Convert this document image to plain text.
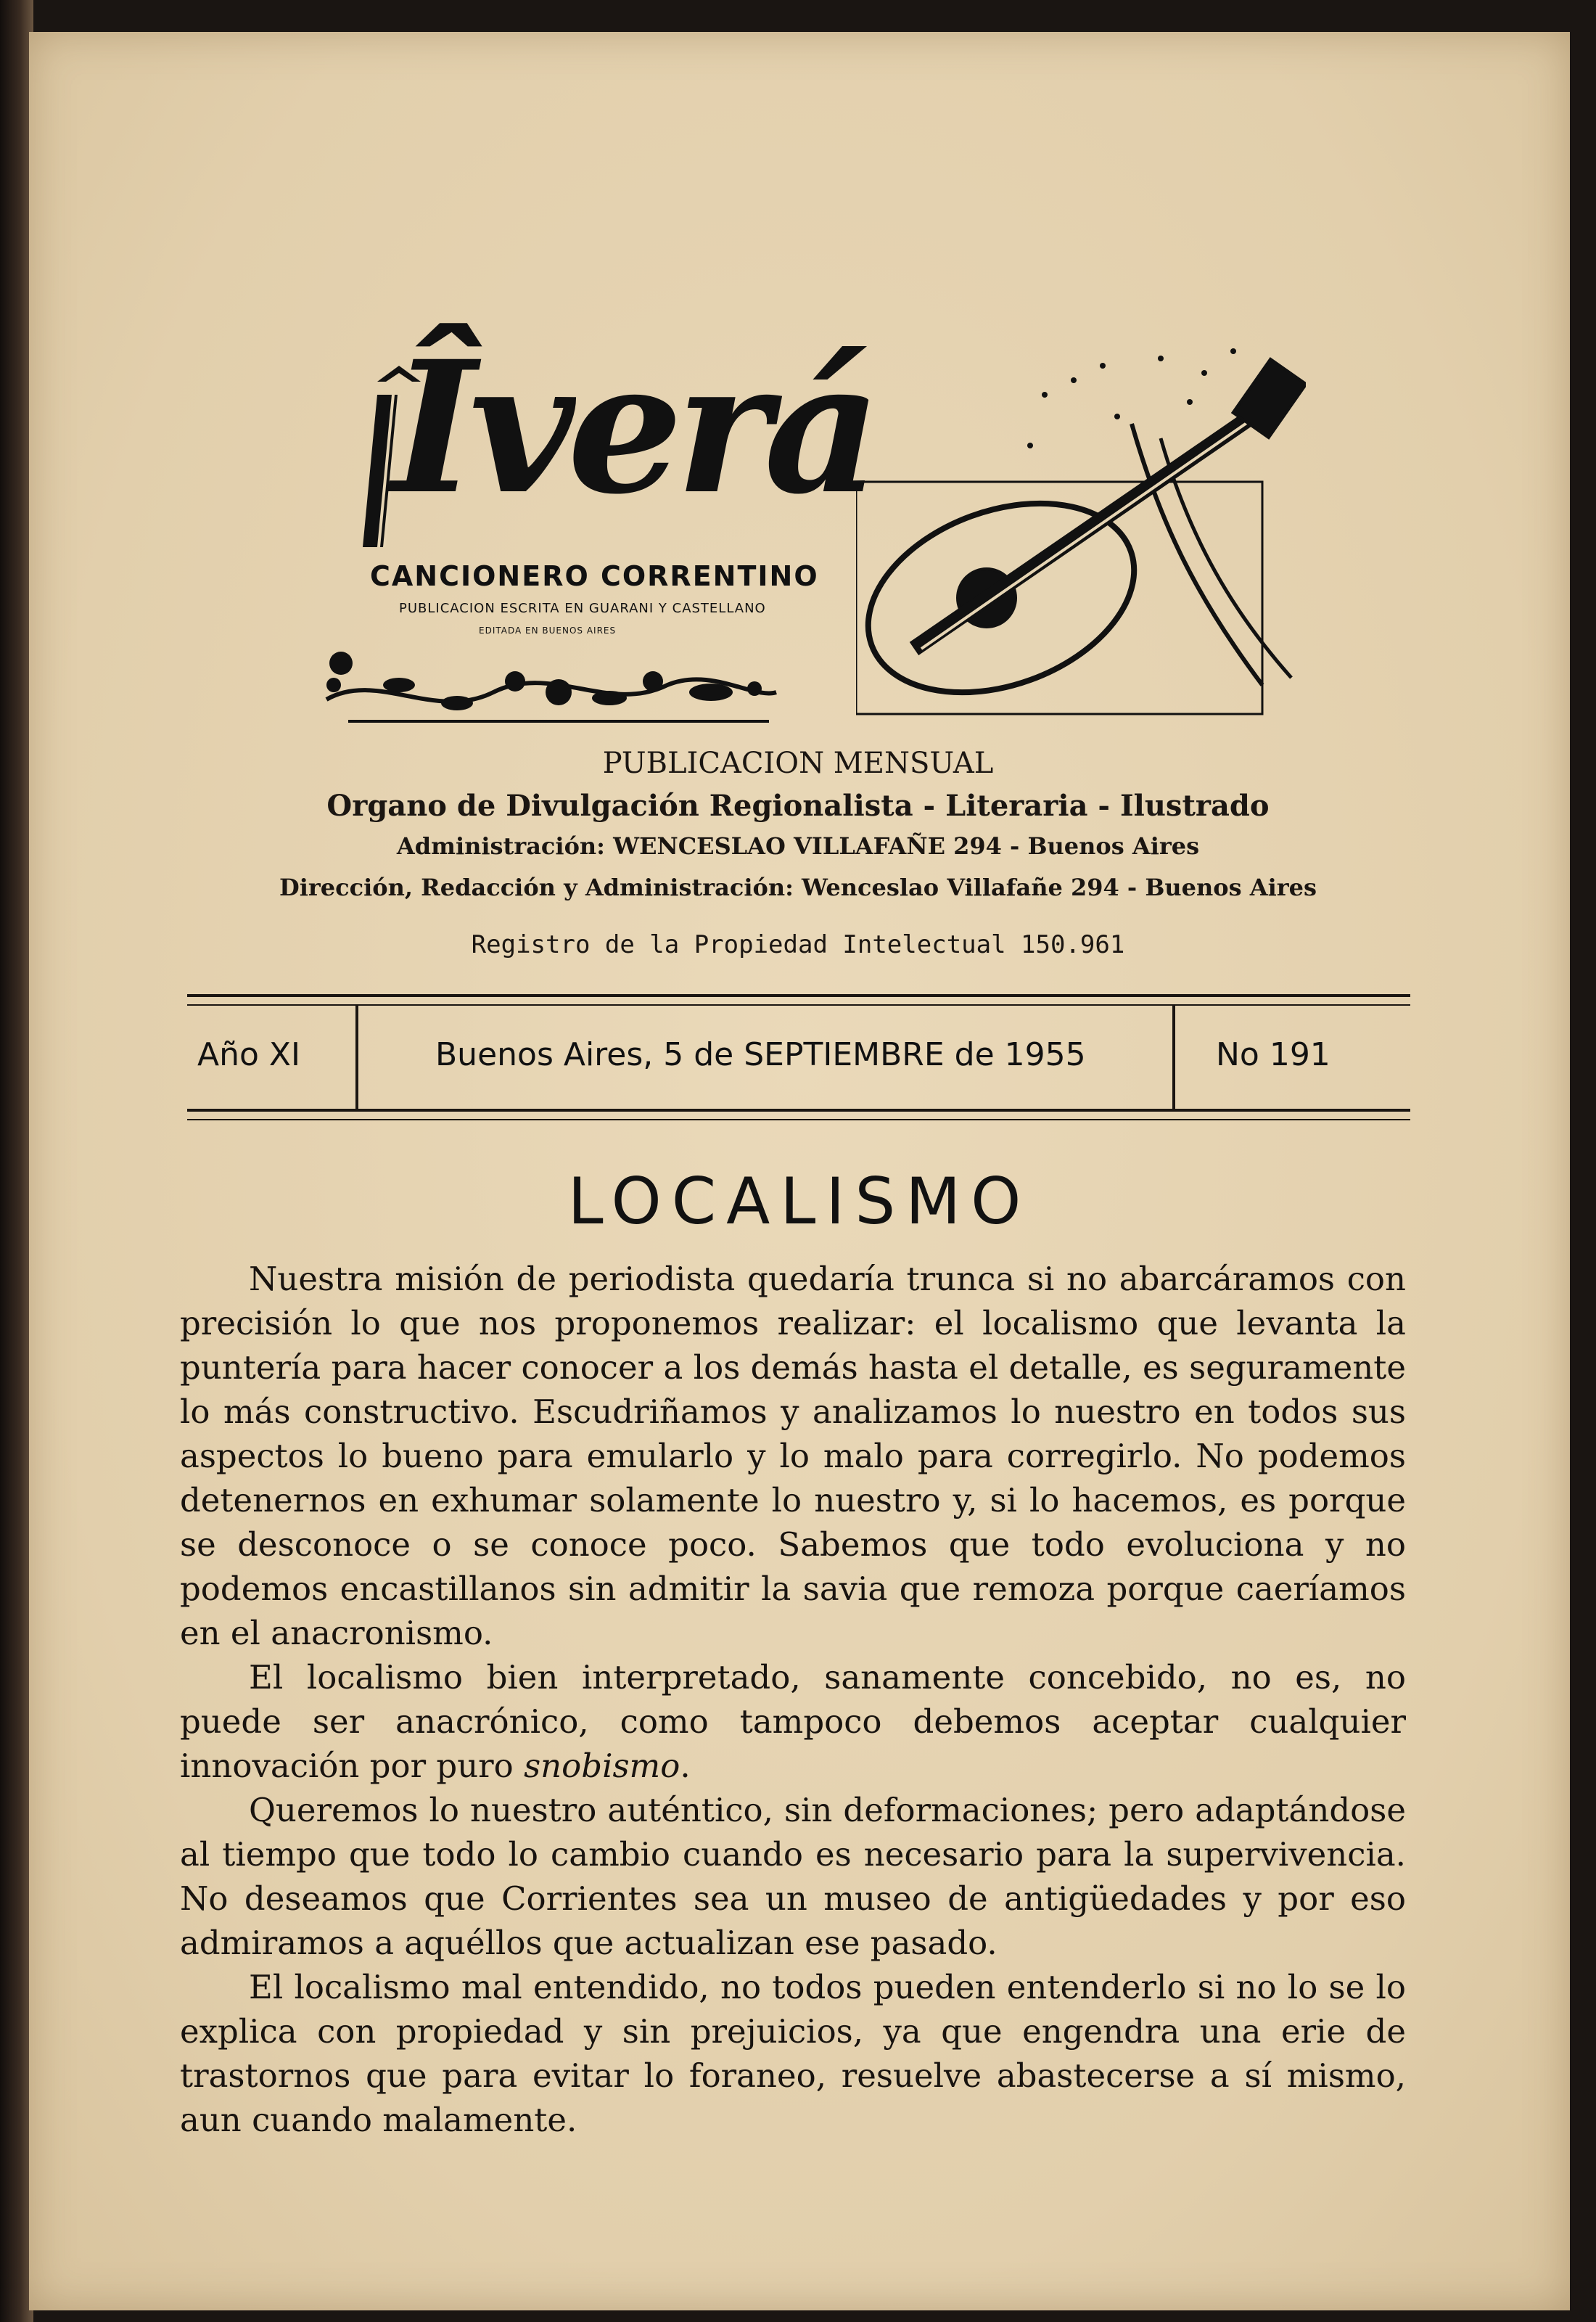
Îverá
CANCIONERO CORRENTINO
PUBLICACION ESCRITA EN GUARANI Y CASTELLANO
EDITADA EN BUENOS AIRES
PUBLICACION MENSUAL
Organo de Divulgación Regionalista - Literaria - Ilustrado
Administración: WENCESLAO VILLAFAÑE 294 - Buenos Aires
Dirección, Redacción y Administración: Wenceslao Villafañe 294 - Buenos Aires
Registro de la Propiedad Intelectual 150.961
Año XI	Buenos Aires, 5 de SEPTIEMBRE de 1955	No 191
LOCALISMO

Nuestra misión de periodista quedaría trunca si no abarcáramos con precisión lo que nos proponemos realizar: el localismo que levanta la puntería para hacer conocer a los demás hasta el detalle, es seguramente lo más constructivo. Escudriñamos y analizamos lo nuestro en todos sus aspectos lo bueno para emularlo y lo malo para corregirlo. No podemos detenernos en exhumar solamente lo nuestro y, si lo hacemos, es porque se desconoce o se conoce poco. Sabemos que todo evoluciona y no podemos encastillanos sin admitir la savia que remoza porque caeríamos en el anacronismo.

El localismo bien interpretado, sanamente concebido, no es, no puede ser anacrónico, como tampoco debemos aceptar cualquier innovación por puro snobismo.

Queremos lo nuestro auténtico, sin deformaciones; pero adaptándose al tiempo que todo lo cambio cuando es necesario para la supervivencia. No deseamos que Corrientes sea un museo de antigüedades y por eso admiramos a aquéllos que actualizan ese pasado.

El localismo mal entendido, no todos pueden entenderlo si no lo se lo explica con propiedad y sin prejuicios, ya que engendra una erie de trastornos que para evitar lo foraneo, resuelve abastecerse a sí mismo, aun cuando malamente.
